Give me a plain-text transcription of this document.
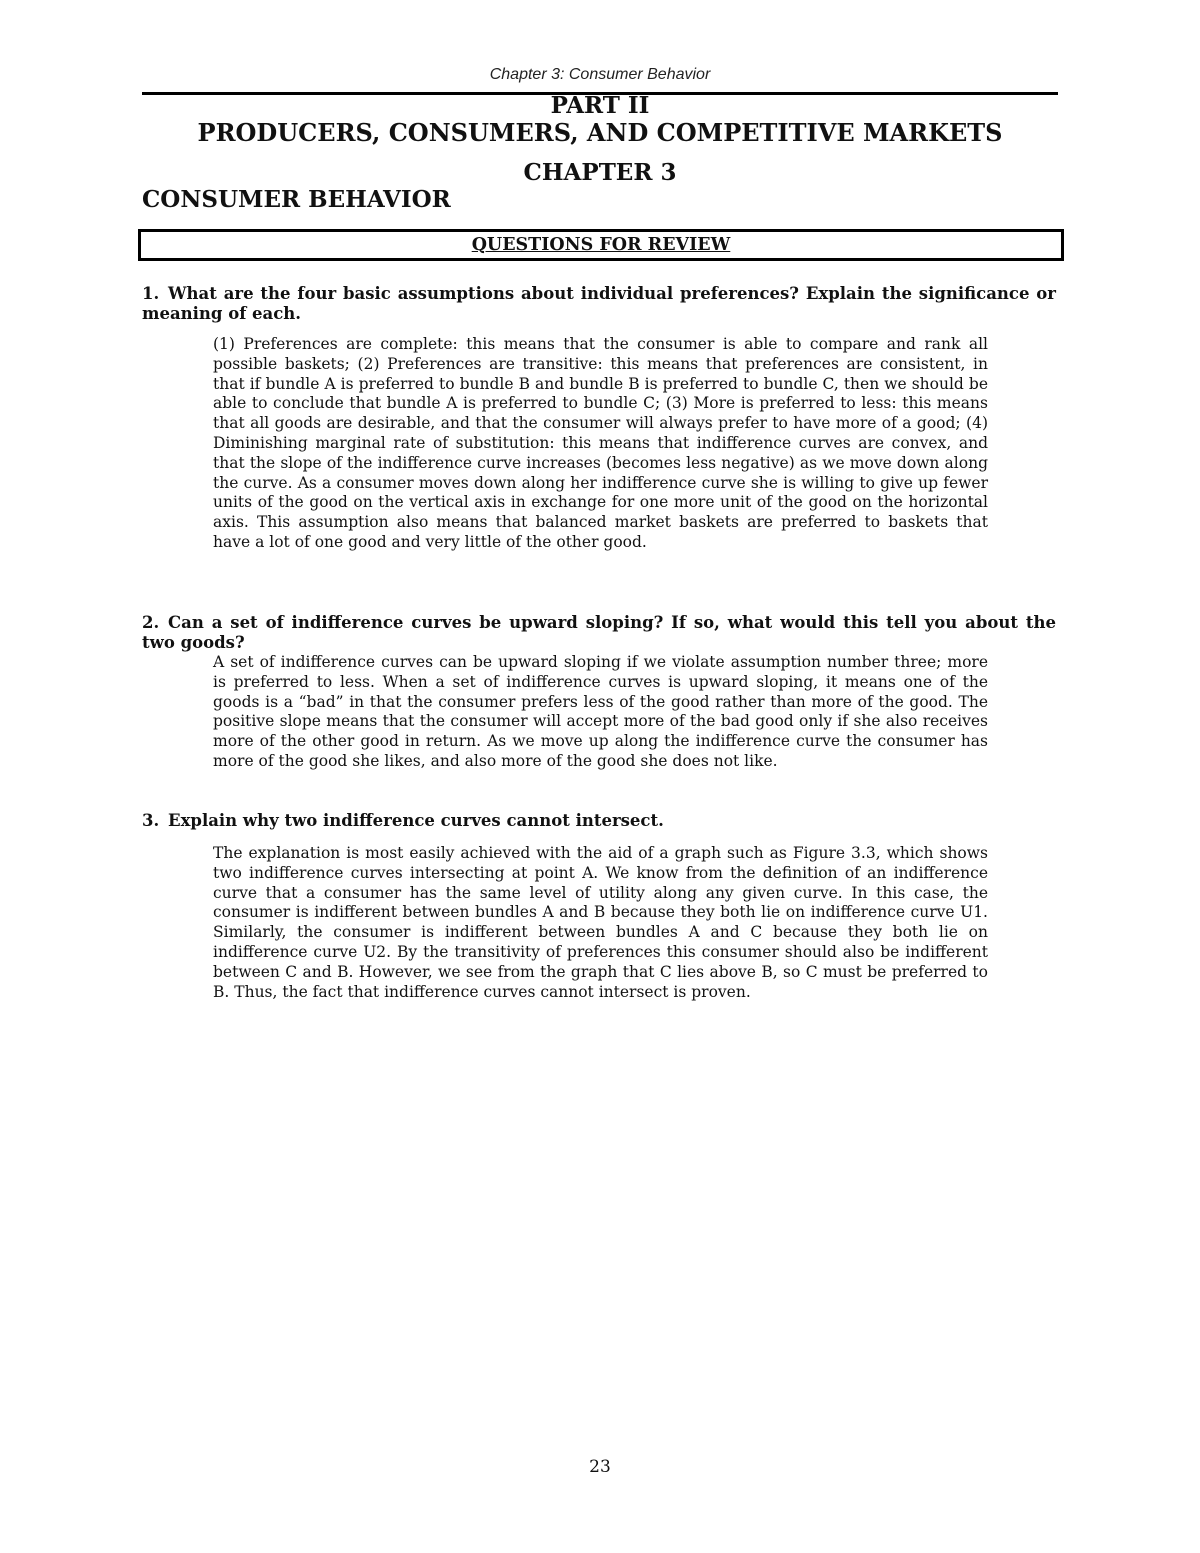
Chapter 3: Consumer Behavior
PART II
PRODUCERS, CONSUMERS, AND COMPETITIVE MARKETS
CHAPTER 3
CONSUMER BEHAVIOR
QUESTIONS FOR REVIEW
1. What are the four basic assumptions about individual preferences? Explain the significance or meaning of each.
(1) Preferences are complete: this means that the consumer is able to compare and rank all possible baskets; (2) Preferences are transitive: this means that preferences are consistent, in that if bundle A is preferred to bundle B and bundle B is preferred to bundle C, then we should be able to conclude that bundle A is preferred to bundle C; (3) More is preferred to less: this means that all goods are desirable, and that the consumer will always prefer to have more of a good; (4) Diminishing marginal rate of substitution: this means that indifference curves are convex, and that the slope of the indifference curve increases (becomes less negative) as we move down along the curve. As a consumer moves down along her indifference curve she is willing to give up fewer units of the good on the vertical axis in exchange for one more unit of the good on the horizontal axis. This assumption also means that balanced market baskets are preferred to baskets that have a lot of one good and very little of the other good.
2. Can a set of indifference curves be upward sloping? If so, what would this tell you about the two goods?
A set of indifference curves can be upward sloping if we violate assumption number three; more is preferred to less. When a set of indifference curves is upward sloping, it means one of the goods is a “bad” in that the consumer prefers less of the good rather than more of the good. The positive slope means that the consumer will accept more of the bad good only if she also receives more of the other good in return. As we move up along the indifference curve the consumer has more of the good she likes, and also more of the good she does not like.
3. Explain why two indifference curves cannot intersect.
The explanation is most easily achieved with the aid of a graph such as Figure 3.3, which shows two indifference curves intersecting at point A. We know from the definition of an indifference curve that a consumer has the same level of utility along any given curve. In this case, the consumer is indifferent between bundles A and B because they both lie on indifference curve U1. Similarly, the consumer is indifferent between bundles A and C because they both lie on indifference curve U2. By the transitivity of preferences this consumer should also be indifferent between C and B. However, we see from the graph that C lies above B, so C must be preferred to B. Thus, the fact that indifference curves cannot intersect is proven.
23
